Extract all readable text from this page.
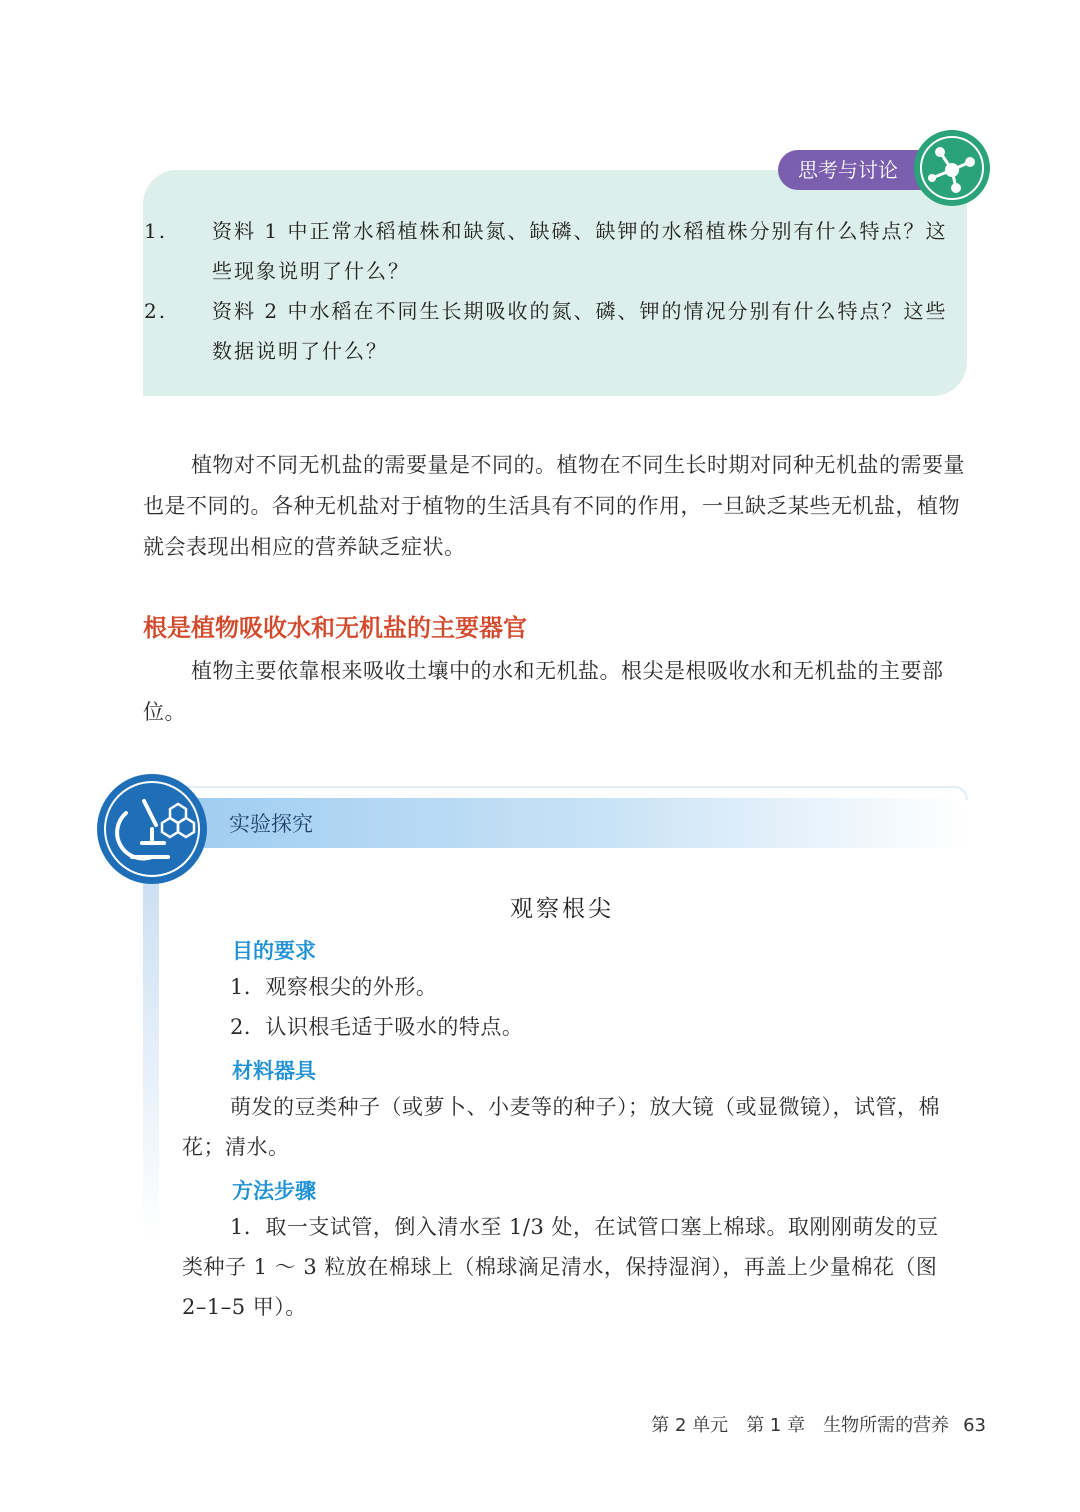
思考与讨论
1. 资料 1 中正常水稻植株和缺氮、缺磷、缺钾的水稻植株分别有什么特点？这些现象说明了什么？
2. 资料 2 中水稻在不同生长期吸收的氮、磷、钾的情况分别有什么特点？这些数据说明了什么？
植物对不同无机盐的需要量是不同的。植物在不同生长时期对同种无机盐的需要量也是不同的。各种无机盐对于植物的生活具有不同的作用，一旦缺乏某些无机盐，植物就会表现出相应的营养缺乏症状。
根是植物吸收水和无机盐的主要器官
植物主要依靠根来吸收土壤中的水和无机盐。根尖是根吸收水和无机盐的主要部位。
实验探究
观察根尖
目的要求
1．观察根尖的外形。
2．认识根毛适于吸水的特点。
材料器具
萌发的豆类种子（或萝卜、小麦等的种子）；放大镜（或显微镜），试管，棉花；清水。
方法步骤
1．取一支试管，倒入清水至 1/3 处，在试管口塞上棉球。取刚刚萌发的豆类种子 1 ～ 3 粒放在棉球上（棉球滴足清水，保持湿润），再盖上少量棉花（图 2–1–5 甲）。
第 2 单元 第 1 章 生物所需的营养 63
